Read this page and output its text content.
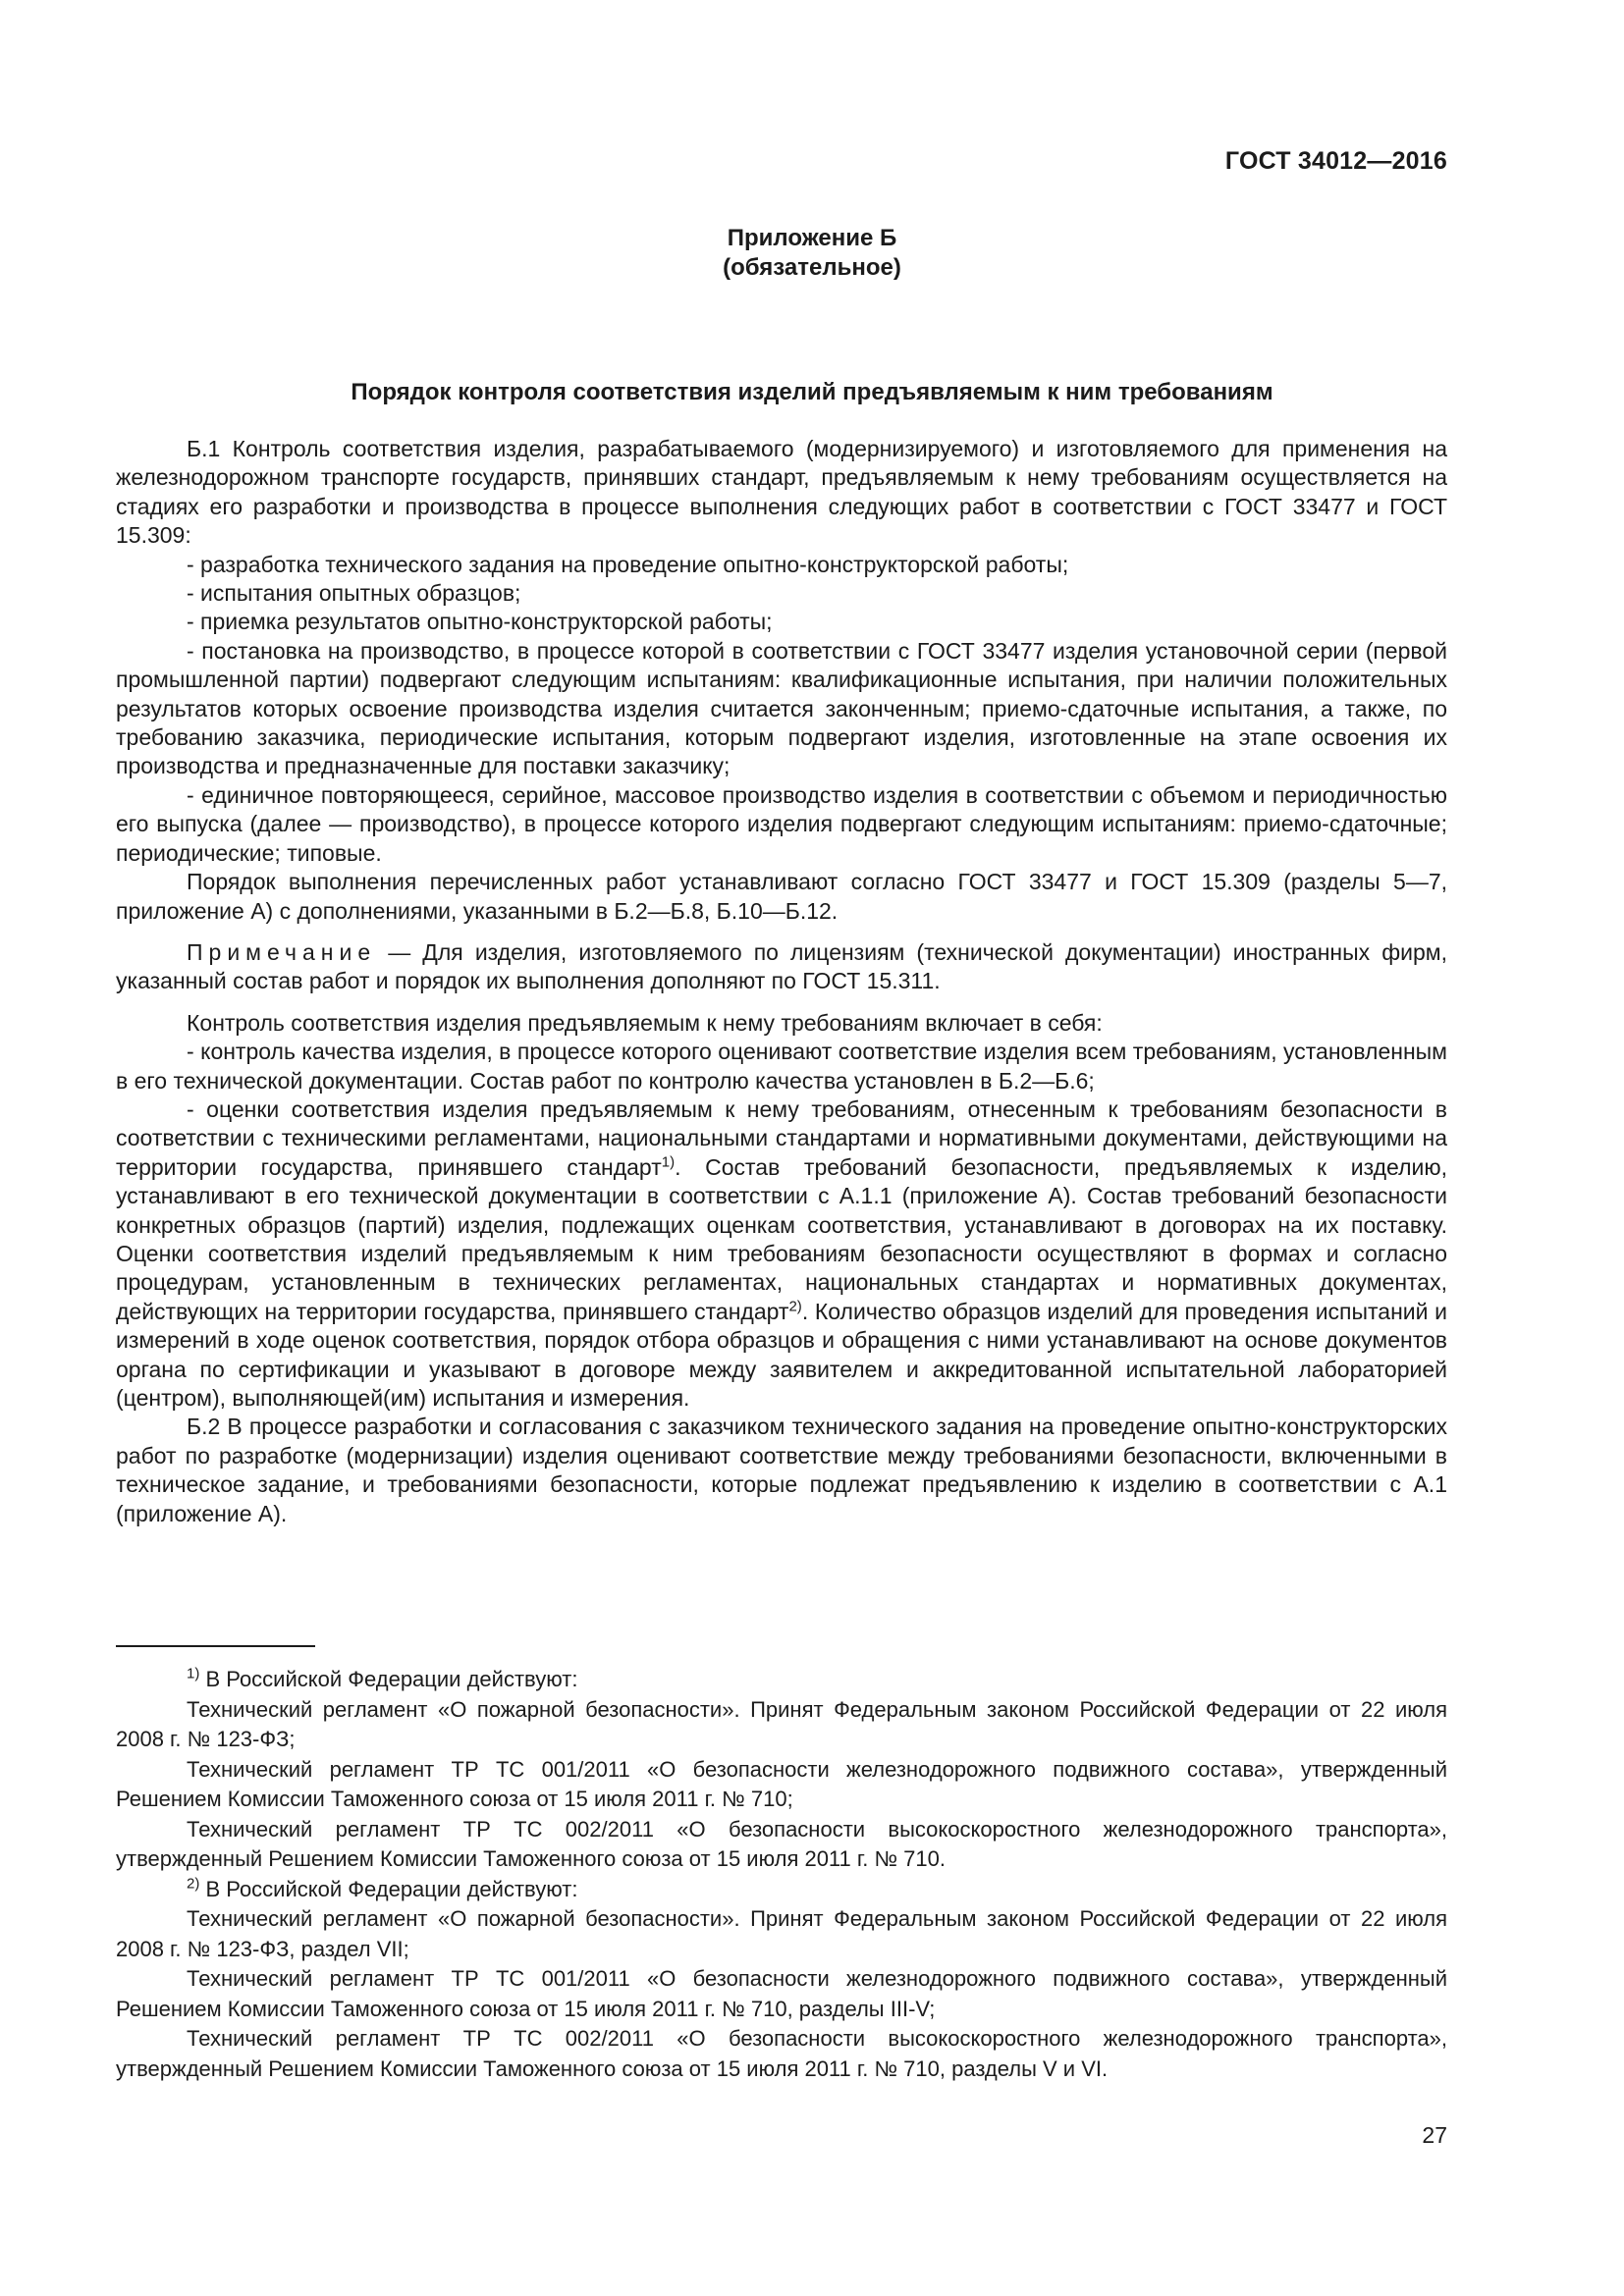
ГОСТ 34012—2016
Приложение Б
(обязательное)
Порядок контроля соответствия изделий предъявляемым к ним требованиям

Б.1 Контроль соответствия изделия, разрабатываемого (модернизируемого) и изготовляемого для применения на железнодорожном транспорте государств, принявших стандарт, предъявляемым к нему требованиям осуществляется на стадиях его разработки и производства в процессе выполнения следующих работ в соответствии с ГОСТ 33477 и ГОСТ 15.309:

- разработка технического задания на проведение опытно-конструкторской работы;

- испытания опытных образцов;

- приемка результатов опытно-конструкторской работы;

- постановка на производство, в процессе которой в соответствии с ГОСТ 33477 изделия установочной серии (первой промышленной партии) подвергают следующим испытаниям: квалификационные испытания, при наличии положительных результатов которых освоение производства изделия считается законченным; приемо-сдаточные испытания, а также, по требованию заказчика, периодические испытания, которым подвергают изделия, изготовленные на этапе освоения их производства и предназначенные для поставки заказчику;

- единичное повторяющееся, серийное, массовое производство изделия в соответствии с объемом и периодичностью его выпуска (далее — производство), в процессе которого изделия подвергают следующим испытаниям: приемо-сдаточные; периодические; типовые.

Порядок выполнения перечисленных работ устанавливают согласно ГОСТ 33477 и ГОСТ 15.309 (разделы 5—7, приложение А) с дополнениями, указанными в Б.2—Б.8, Б.10—Б.12.

Примечание — Для изделия, изготовляемого по лицензиям (технической документации) иностранных фирм, указанный состав работ и порядок их выполнения дополняют по ГОСТ 15.311.

Контроль соответствия изделия предъявляемым к нему требованиям включает в себя:

- контроль качества изделия, в процессе которого оценивают соответствие изделия всем требованиям, установленным в его технической документации. Состав работ по контролю качества установлен в Б.2—Б.6;

- оценки соответствия изделия предъявляемым к нему требованиям, отнесенным к требованиям безопасности в соответствии с техническими регламентами, национальными стандартами и нормативными документами, действующими на территории государства, принявшего стандарт$^{1)}$. Состав требований безопасности, предъявляемых к изделию, устанавливают в его технической документации в соответствии с А.1.1 (приложение А). Состав требований безопасности конкретных образцов (партий) изделия, подлежащих оценкам соответствия, устанавливают в договорах на их поставку. Оценки соответствия изделий предъявляемым к ним требованиям безопасности осуществляют в формах и согласно процедурам, установленным в технических регламентах, национальных стандартах и нормативных документах, действующих на территории государства, принявшего стандарт$^{2)}$. Количество образцов изделий для проведения испытаний и измерений в ходе оценок соответствия, порядок отбора образцов и обращения с ними устанавливают на основе документов органа по сертификации и указывают в договоре между заявителем и аккредитованной испытательной лабораторией (центром), выполняющей(им) испытания и измерения.

Б.2 В процессе разработки и согласования с заказчиком технического задания на проведение опытно-конструкторских работ по разработке (модернизации) изделия оценивают соответствие между требованиями безопасности, включенными в техническое задание, и требованиями безопасности, которые подлежат предъявлению к изделию в соответствии с А.1 (приложение А).

$^{1)}$ В Российской Федерации действуют:

Технический регламент «О пожарной безопасности». Принят Федеральным законом Российской Федерации от 22 июля 2008 г. № 123-ФЗ;

Технический регламент ТР ТС 001/2011 «О безопасности железнодорожного подвижного состава», утвержденный Решением Комиссии Таможенного союза от 15 июля 2011 г. № 710;

Технический регламент ТР ТС 002/2011 «О безопасности высокоскоростного железнодорожного транспорта», утвержденный Решением Комиссии Таможенного союза от 15 июля 2011 г. № 710.

$^{2)}$ В Российской Федерации действуют:

Технический регламент «О пожарной безопасности». Принят Федеральным законом Российской Федерации от 22 июля 2008 г. № 123-ФЗ, раздел VII;

Технический регламент ТР ТС 001/2011 «О безопасности железнодорожного подвижного состава», утвержденный Решением Комиссии Таможенного союза от 15 июля 2011 г. № 710, разделы III-V;

Технический регламент ТР ТС 002/2011 «О безопасности высокоскоростного железнодорожного транспорта», утвержденный Решением Комиссии Таможенного союза от 15 июля 2011 г. № 710, разделы V и VI.

27
